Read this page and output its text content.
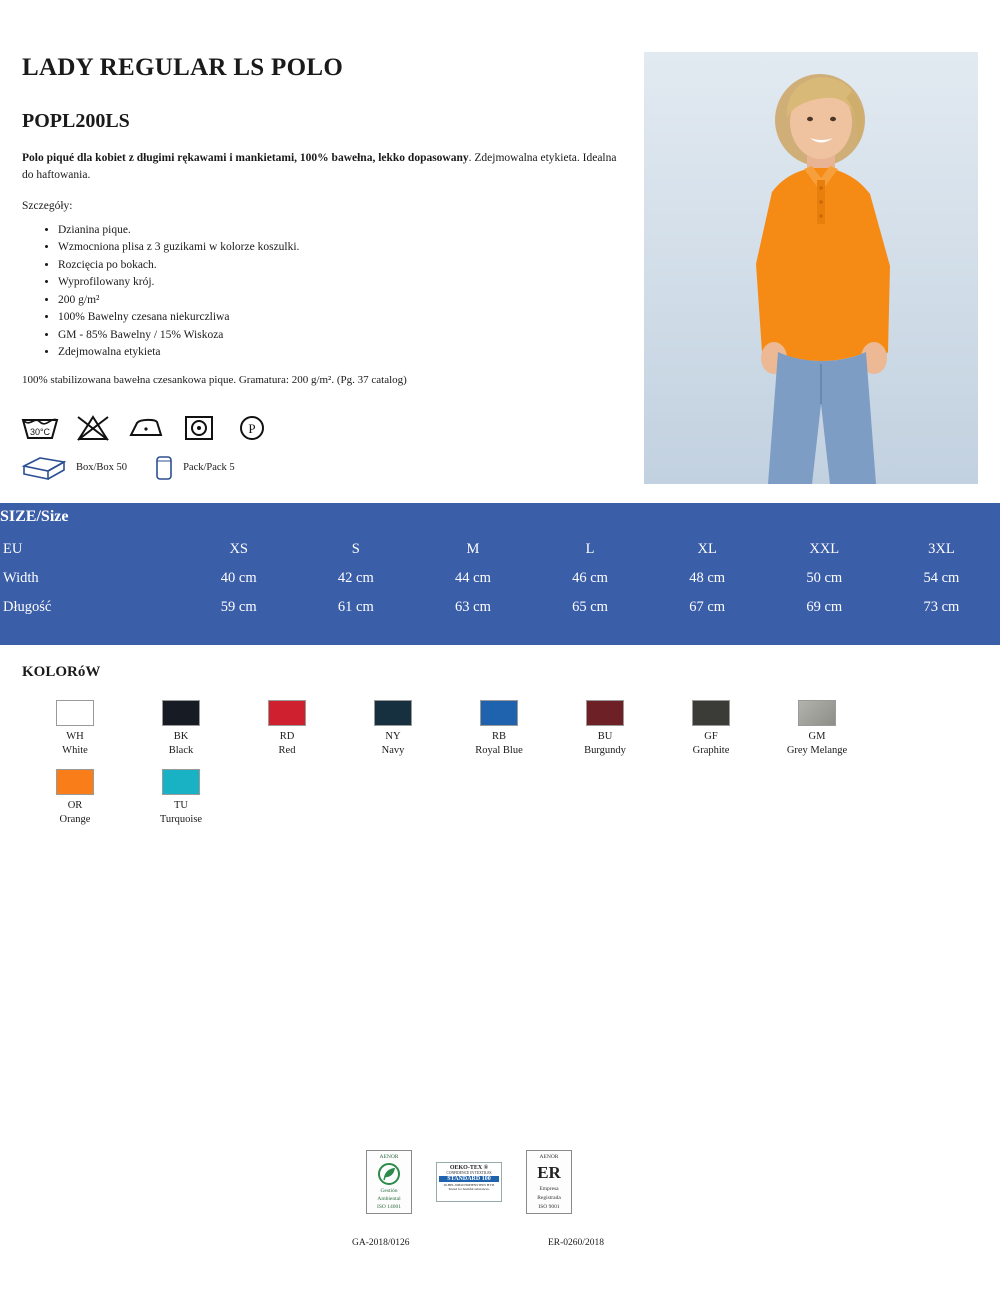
LADY REGULAR LS POLO
POPL200LS
Polo piqué dla kobiet z długimi rękawami i mankietami, 100% bawełna, lekko dopasowany. Zdejmowalna etykieta. Idealna do haftowania.
Szczegóły:
• Dzianina pique.
• Wzmocniona plisa z 3 guzikami w kolorze koszulki.
• Rozcięcia po bokach.
• Wyprofilowany krój.
• 200 g/m²
• 100% Bawelny czesana niekurczliwa
• GM - 85% Bawelny / 15% Wiskoza
• Zdejmowalna etykieta
100% stabilizowana bawełna czesankowa pique. Gramatura: 200 g/m². (Pg. 37 catalog)
30°C	P
Box/Box 50	Pack/Pack 5
SIZE/Size
EU	XS	S	M	L	XL	XXL	3XL
Width	40 cm	42 cm	44 cm	46 cm	48 cm	50 cm	54 cm
Długość	59 cm	61 cm	63 cm	65 cm	67 cm	69 cm	73 cm
KOLORóW
WH
White
BK
Black
RD
Red
NY
Navy
RB
Royal Blue
BU
Burgundy
GF
Graphite
GM
Grey Melange
OR
Orange
TU
Turquoise
AENOR
Gestión
Ambiental
ISO 14001
OEKO-TEX ®
CONFIDENCE IN TEXTILES
STANDARD 100
20.HPL.60840 HOHENSTEIN HTTI
Tested for harmful substances.
AENOR
ER
Empresa
Registrada
ISO 9001
GA-2018/0126	ER-0260/2018
